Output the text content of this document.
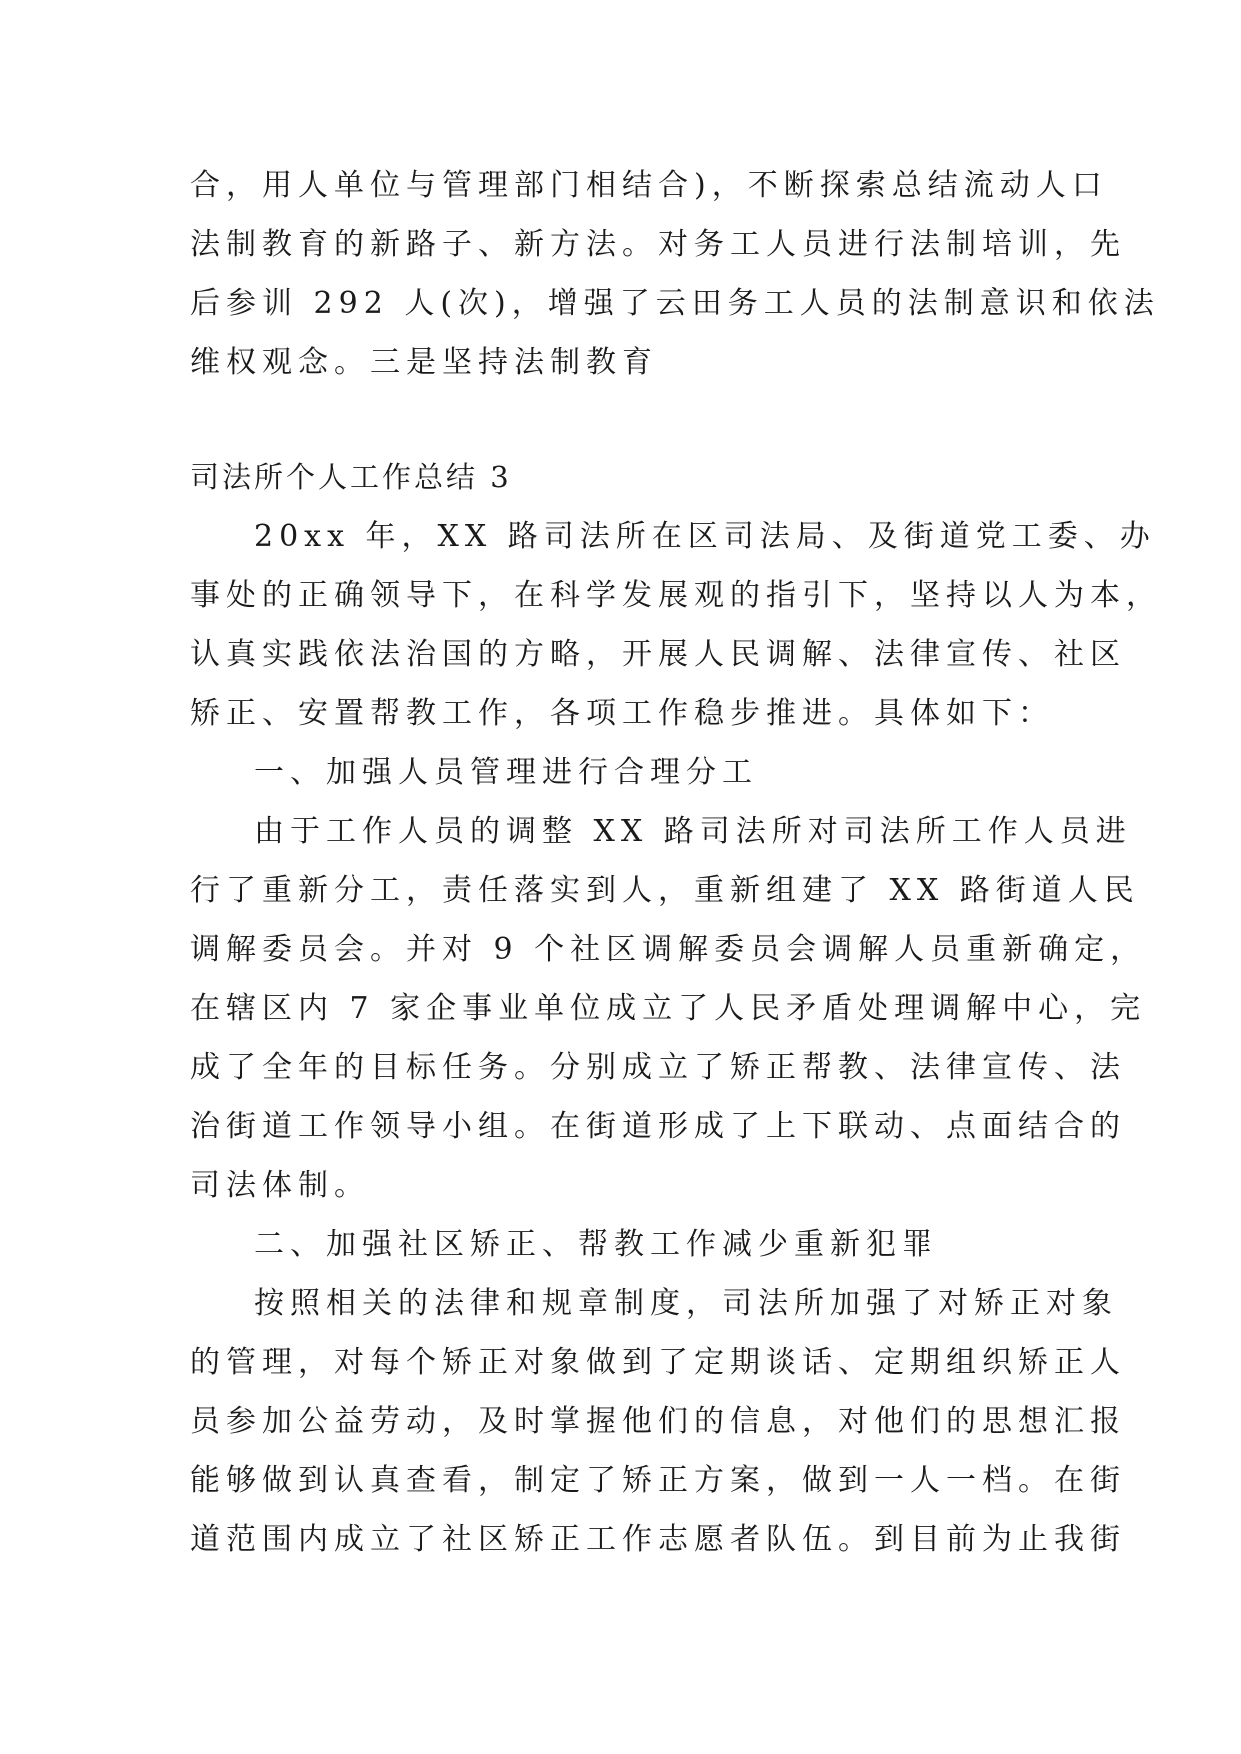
合，用人单位与管理部门相结合)，不断探索总结流动人口
法制教育的新路子、新方法。对务工人员进行法制培训，先
后参训 292 人(次)，增强了云田务工人员的法制意识和依法
维权观念。三是坚持法制教育
司法所个人工作总结 3
20xx 年，XX 路司法所在区司法局、及街道党工委、办
事处的正确领导下，在科学发展观的指引下，坚持以人为本，
认真实践依法治国的方略，开展人民调解、法律宣传、社区
矫正、安置帮教工作，各项工作稳步推进。具体如下：
一、加强人员管理进行合理分工
由于工作人员的调整 XX 路司法所对司法所工作人员进
行了重新分工，责任落实到人，重新组建了 XX 路街道人民
调解委员会。并对 9 个社区调解委员会调解人员重新确定，
在辖区内 7 家企事业单位成立了人民矛盾处理调解中心，完
成了全年的目标任务。分别成立了矫正帮教、法律宣传、法
治街道工作领导小组。在街道形成了上下联动、点面结合的
司法体制。
二、加强社区矫正、帮教工作减少重新犯罪
按照相关的法律和规章制度，司法所加强了对矫正对象
的管理，对每个矫正对象做到了定期谈话、定期组织矫正人
员参加公益劳动，及时掌握他们的信息，对他们的思想汇报
能够做到认真查看，制定了矫正方案，做到一人一档。在街
道范围内成立了社区矫正工作志愿者队伍。到目前为止我街
